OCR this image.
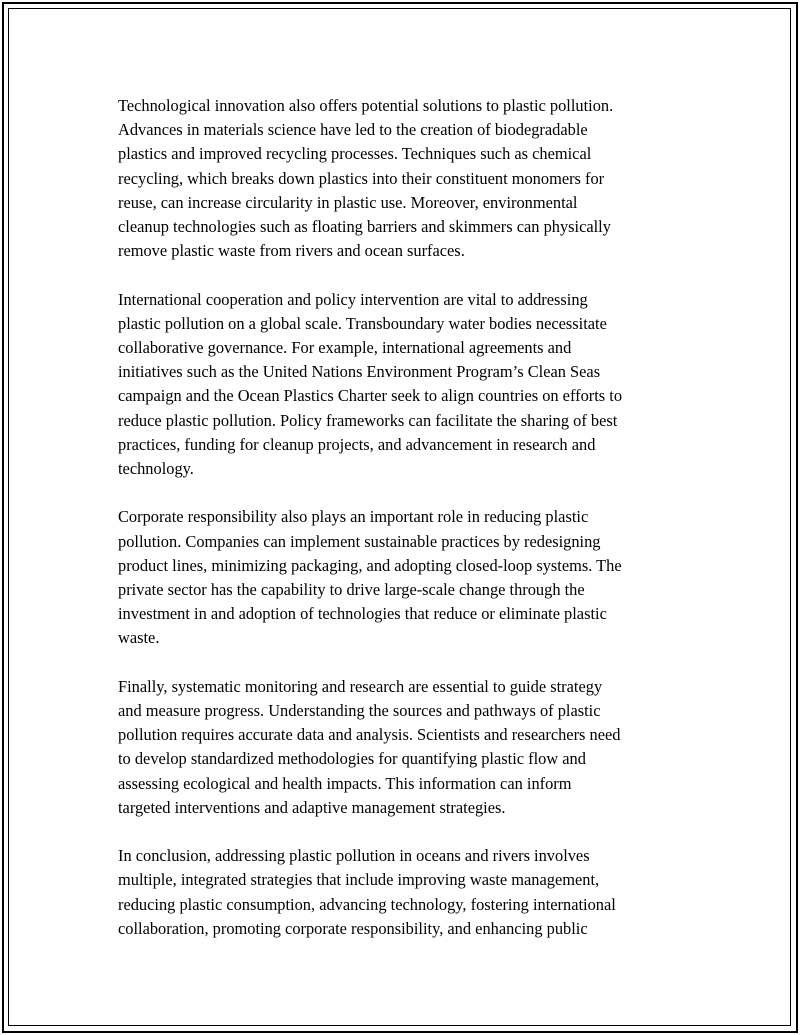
Technological innovation also offers potential solutions to plastic pollution.
Advances in materials science have led to the creation of biodegradable
plastics and improved recycling processes. Techniques such as chemical
recycling, which breaks down plastics into their constituent monomers for
reuse, can increase circularity in plastic use. Moreover, environmental
cleanup technologies such as floating barriers and skimmers can physically
remove plastic waste from rivers and ocean surfaces.

International cooperation and policy intervention are vital to addressing
plastic pollution on a global scale. Transboundary water bodies necessitate
collaborative governance. For example, international agreements and
initiatives such as the United Nations Environment Program’s Clean Seas
campaign and the Ocean Plastics Charter seek to align countries on efforts to
reduce plastic pollution. Policy frameworks can facilitate the sharing of best
practices, funding for cleanup projects, and advancement in research and
technology.

Corporate responsibility also plays an important role in reducing plastic
pollution. Companies can implement sustainable practices by redesigning
product lines, minimizing packaging, and adopting closed-loop systems. The
private sector has the capability to drive large-scale change through the
investment in and adoption of technologies that reduce or eliminate plastic
waste.

Finally, systematic monitoring and research are essential to guide strategy
and measure progress. Understanding the sources and pathways of plastic
pollution requires accurate data and analysis. Scientists and researchers need
to develop standardized methodologies for quantifying plastic flow and
assessing ecological and health impacts. This information can inform
targeted interventions and adaptive management strategies.

In conclusion, addressing plastic pollution in oceans and rivers involves
multiple, integrated strategies that include improving waste management,
reducing plastic consumption, advancing technology, fostering international
collaboration, promoting corporate responsibility, and enhancing public
